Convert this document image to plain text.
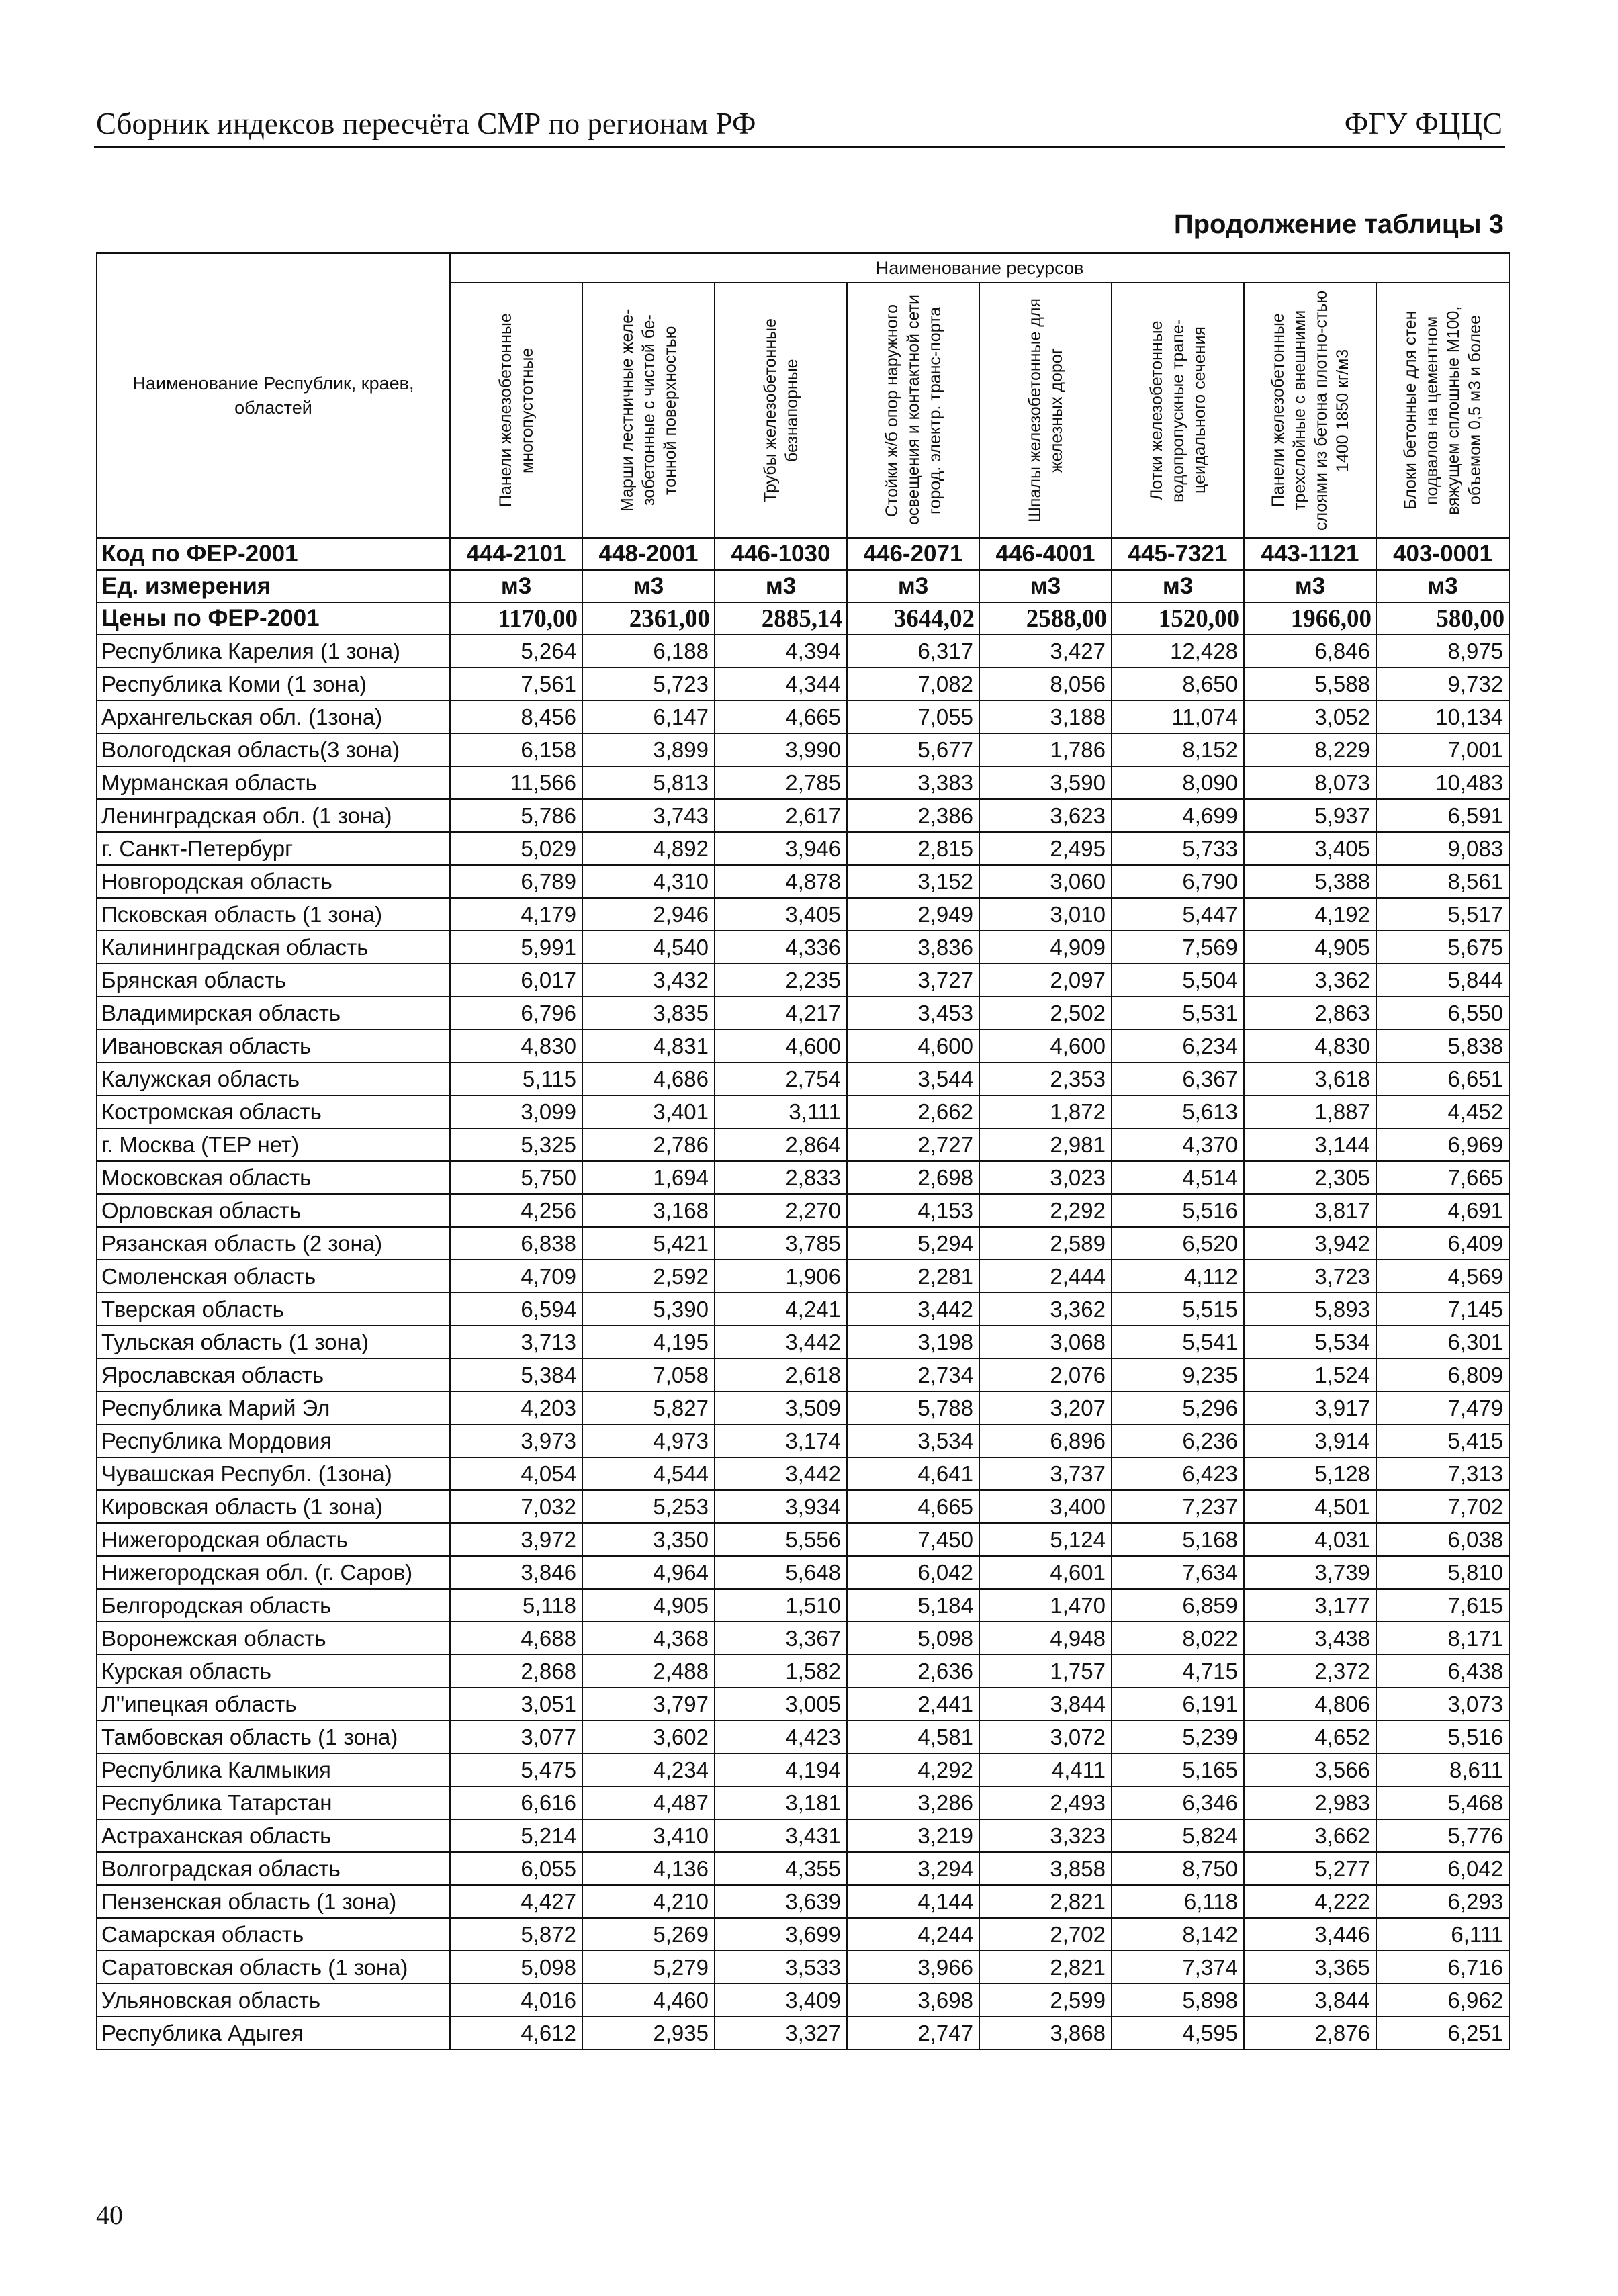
Сборник индексов пересчёта СМР по регионам РФ	ФГУ ФЦЦС
Продолжение таблицы 3
Наименование Республик, краев, областей	Наименование ресурсов							

	Панели железобетонные многопустотные	Марши лестничные желе-зобетонные с чистой бе-тонной поверхностью	Трубы железобетонные безнапорные	Стойки ж/б опор наружного освещения и контактной сети город. электр. транс-порта	Шпалы железобетонные для железных дорог	Лотки железобетонные водопропускные трапе-цеидального сечения	Панели железобетонные трехслойные с внешними слоями из бетона плотно-стью 1400 1850 кг/м3	Блоки бетонные для стен подвалов на цементном вяжущем сплошные М100, объемом 0,5 м3 и более

Код по ФЕР-2001	444-2101	448-2001	446-1030	446-2071	446-4001	445-7321	443-1121	403-0001
Ед. измерения	м3	м3	м3	м3	м3	м3	м3	м3
Цены по ФЕР-2001	1170,00	2361,00	2885,14	3644,02	2588,00	1520,00	1966,00	580,00
Республика Карелия (1 зона)	5,264	6,188	4,394	6,317	3,427	12,428	6,846	8,975
Республика Коми (1 зона)	7,561	5,723	4,344	7,082	8,056	8,650	5,588	9,732
Архангельская обл. (1зона)	8,456	6,147	4,665	7,055	3,188	11,074	3,052	10,134
Вологодская область(3 зона)	6,158	3,899	3,990	5,677	1,786	8,152	8,229	7,001
Мурманская область	11,566	5,813	2,785	3,383	3,590	8,090	8,073	10,483
Ленинградская обл. (1 зона)	5,786	3,743	2,617	2,386	3,623	4,699	5,937	6,591
г. Санкт-Петербург	5,029	4,892	3,946	2,815	2,495	5,733	3,405	9,083
Новгородская область	6,789	4,310	4,878	3,152	3,060	6,790	5,388	8,561
Псковская область (1 зона)	4,179	2,946	3,405	2,949	3,010	5,447	4,192	5,517
Калининградская область	5,991	4,540	4,336	3,836	4,909	7,569	4,905	5,675
Брянская область	6,017	3,432	2,235	3,727	2,097	5,504	3,362	5,844
Владимирская область	6,796	3,835	4,217	3,453	2,502	5,531	2,863	6,550
Ивановская область	4,830	4,831	4,600	4,600	4,600	6,234	4,830	5,838
Калужская область	5,115	4,686	2,754	3,544	2,353	6,367	3,618	6,651
Костромская область	3,099	3,401	3,111	2,662	1,872	5,613	1,887	4,452
г. Москва (ТЕР нет)	5,325	2,786	2,864	2,727	2,981	4,370	3,144	6,969
Московская область	5,750	1,694	2,833	2,698	3,023	4,514	2,305	7,665
Орловская область	4,256	3,168	2,270	4,153	2,292	5,516	3,817	4,691
Рязанская область (2 зона)	6,838	5,421	3,785	5,294	2,589	6,520	3,942	6,409
Смоленская область	4,709	2,592	1,906	2,281	2,444	4,112	3,723	4,569
Тверская область	6,594	5,390	4,241	3,442	3,362	5,515	5,893	7,145
Тульская область (1 зона)	3,713	4,195	3,442	3,198	3,068	5,541	5,534	6,301
Ярославская область	5,384	7,058	2,618	2,734	2,076	9,235	1,524	6,809
Республика Марий Эл	4,203	5,827	3,509	5,788	3,207	5,296	3,917	7,479
Республика Мордовия	3,973	4,973	3,174	3,534	6,896	6,236	3,914	5,415
Чувашская Республ. (1зона)	4,054	4,544	3,442	4,641	3,737	6,423	5,128	7,313
Кировская область (1 зона)	7,032	5,253	3,934	4,665	3,400	7,237	4,501	7,702
Нижегородская область	3,972	3,350	5,556	7,450	5,124	5,168	4,031	6,038
Нижегородская обл. (г. Саров)	3,846	4,964	5,648	6,042	4,601	7,634	3,739	5,810
Белгородская область	5,118	4,905	1,510	5,184	1,470	6,859	3,177	7,615
Воронежская область	4,688	4,368	3,367	5,098	4,948	8,022	3,438	8,171
Курская область	2,868	2,488	1,582	2,636	1,757	4,715	2,372	6,438
Л''ипецкая область	3,051	3,797	3,005	2,441	3,844	6,191	4,806	3,073
Тамбовская область (1 зона)	3,077	3,602	4,423	4,581	3,072	5,239	4,652	5,516
Республика Калмыкия	5,475	4,234	4,194	4,292	4,411	5,165	3,566	8,611
Республика Татарстан	6,616	4,487	3,181	3,286	2,493	6,346	2,983	5,468
Астраханская область	5,214	3,410	3,431	3,219	3,323	5,824	3,662	5,776
Волгоградская область	6,055	4,136	4,355	3,294	3,858	8,750	5,277	6,042
Пензенская область (1 зона)	4,427	4,210	3,639	4,144	2,821	6,118	4,222	6,293
Самарская область	5,872	5,269	3,699	4,244	2,702	8,142	3,446	6,111
Саратовская область (1 зона)	5,098	5,279	3,533	3,966	2,821	7,374	3,365	6,716
Ульяновская область	4,016	4,460	3,409	3,698	2,599	5,898	3,844	6,962
Республика Адыгея	4,612	2,935	3,327	2,747	3,868	4,595	2,876	6,251
40
